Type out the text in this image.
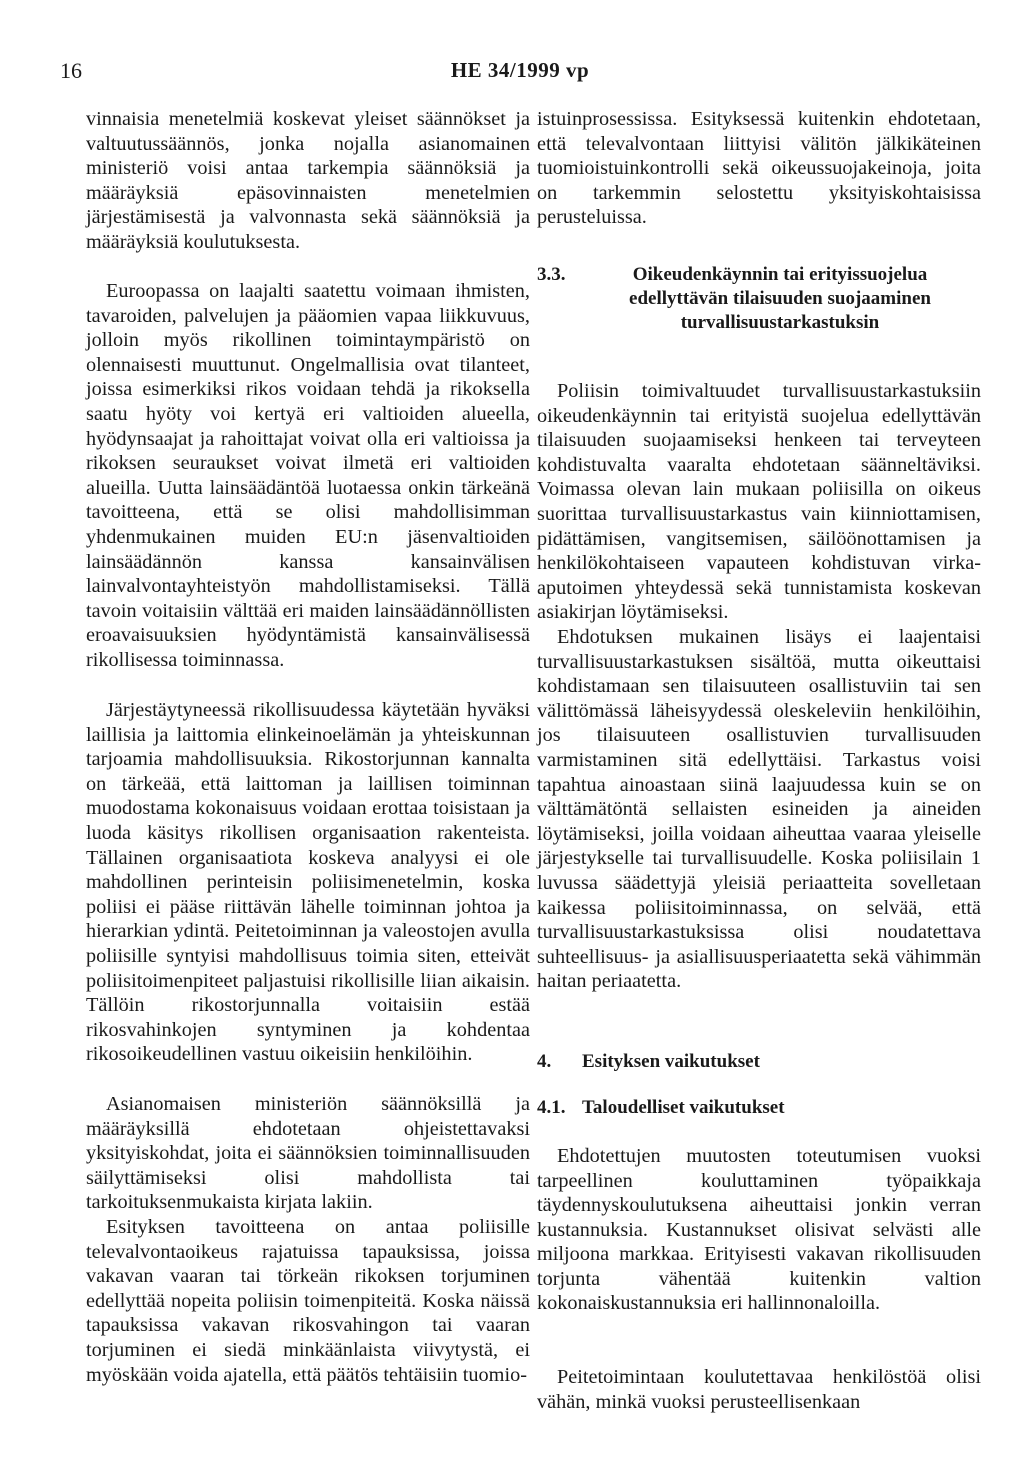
16	HE 34/1999 vp

vinnaisia menetelmiä koskevat yleiset säännökset ja valtuutussäännös, jonka nojalla asianomainen ministeriö voisi antaa tarkempia säännöksiä ja määräyksiä epäsovinnaisten menetelmien järjestämisestä ja valvonnasta sekä säännöksiä ja määräyksiä koulutuksesta.

Euroopassa on laajalti saatettu voimaan ihmisten, tavaroiden, palvelujen ja pääomien vapaa liikkuvuus, jolloin myös rikollinen toimintaympäristö on olennaisesti muuttunut. Ongelmallisia ovat tilanteet, joissa esimerkiksi rikos voidaan tehdä ja rikoksella saatu hyöty voi kertyä eri valtioiden alueella, hyödynsaajat ja rahoittajat voivat olla eri valtioissa ja rikoksen seuraukset voivat ilmetä eri valtioiden alueilla. Uutta lainsäädäntöä luotaessa onkin tärkeänä tavoitteena, että se olisi mahdollisimman yhdenmukainen muiden EU:n jäsenvaltioiden lainsäädännön kanssa kansainvälisen lainvalvontayhteistyön mahdollistamiseksi. Tällä tavoin voitaisiin välttää eri maiden lainsäädännöllisten eroavaisuuksien hyödyntämistä kansainvälisessä rikollisessa toiminnassa.

Järjestäytyneessä rikollisuudessa käytetään hyväksi laillisia ja laittomia elinkeinoelämän ja yhteiskunnan tarjoamia mahdollisuuksia. Rikostorjunnan kannalta on tärkeää, että laittoman ja laillisen toiminnan muodostama kokonaisuus voidaan erottaa toisistaan ja luoda käsitys rikollisen organisaation rakenteista. Tällainen organisaatiota koskeva analyysi ei ole mahdollinen perinteisin poliisimenetelmin, koska poliisi ei pääse riittävän lähelle toiminnan johtoa ja hierarkian ydintä. Peitetoiminnan ja valeostojen avulla poliisille syntyisi mahdollisuus toimia siten, etteivät poliisitoimenpiteet paljastuisi rikollisille liian aikaisin. Tällöin rikostorjunnalla voitaisiin estää rikosvahinkojen syntyminen ja kohdentaa rikosoikeudellinen vastuu oikeisiin henkilöihin.

Asianomaisen ministeriön säännöksillä ja määräyksillä ehdotetaan ohjeistettavaksi yksityiskohdat, joita ei säännöksien toiminnallisuuden säilyttämiseksi olisi mahdollista tai tarkoituksenmukaista kirjata lakiin.

Esityksen tavoitteena on antaa poliisille televalvontaoikeus rajatuissa tapauksissa, joissa vakavan vaaran tai törkeän rikoksen torjuminen edellyttää nopeita poliisin toimenpiteitä. Koska näissä tapauksissa vakavan rikosvahingon tai vaaran torjuminen ei siedä minkäänlaista viivytystä, ei myöskään voida ajatella, että päätös tehtäisiin tuomio-

istuinprosessissa. Esityksessä kuitenkin ehdotetaan, että televalvontaan liittyisi välitön jälkikäteinen tuomioistuinkontrolli sekä oikeussuojakeinoja, joita on tarkemmin selostettu yksityiskohtaisissa perusteluissa.

3.3.	Oikeudenkäynnin tai erityissuojelua edellyttävän tilaisuuden suojaaminen turvallisuustarkastuksin

Poliisin toimivaltuudet turvallisuustarkastuksiin oikeudenkäynnin tai erityistä suojelua edellyttävän tilaisuuden suojaamiseksi henkeen tai terveyteen kohdistuvalta vaaralta ehdotetaan säänneltäviksi. Voimassa olevan lain mukaan poliisilla on oikeus suorittaa turvallisuustarkastus vain kiinniottamisen, pidättämisen, vangitsemisen, säilöönottamisen ja henkilökohtaiseen vapauteen kohdistuvan virka-aputoimen yhteydessä sekä tunnistamista koskevan asiakirjan löytämiseksi.

Ehdotuksen mukainen lisäys ei laajentaisi turvallisuustarkastuksen sisältöä, mutta oikeuttaisi kohdistamaan sen tilaisuuteen osallistuviin tai sen välittömässä läheisyydessä oleskeleviin henkilöihin, jos tilaisuuteen osallistuvien turvallisuuden varmistaminen sitä edellyttäisi. Tarkastus voisi tapahtua ainoastaan siinä laajuudessa kuin se on välttämätöntä sellaisten esineiden ja aineiden löytämiseksi, joilla voidaan aiheuttaa vaaraa yleiselle järjestykselle tai turvallisuudelle. Koska poliisilain 1 luvussa säädettyjä yleisiä periaatteita sovelletaan kaikessa poliisitoiminnassa, on selvää, että turvallisuustarkastuksissa olisi noudatettava suhteellisuus- ja asiallisuusperiaatetta sekä vähimmän haitan periaatetta.

4.	Esityksen vaikutukset
4.1. Taloudelliset vaikutukset

Ehdotettujen muutosten toteutumisen vuoksi tarpeellinen kouluttaminen työpaikkaja täydennyskoulutuksena aiheuttaisi jonkin verran kustannuksia. Kustannukset olisivat selvästi alle miljoona markkaa. Erityisesti vakavan rikollisuuden torjunta vähentää kuitenkin valtion kokonaiskustannuksia eri hallinnonaloilla.

Peitetoimintaan koulutettavaa henkilöstöä olisi vähän, minkä vuoksi perusteellisenkaan
